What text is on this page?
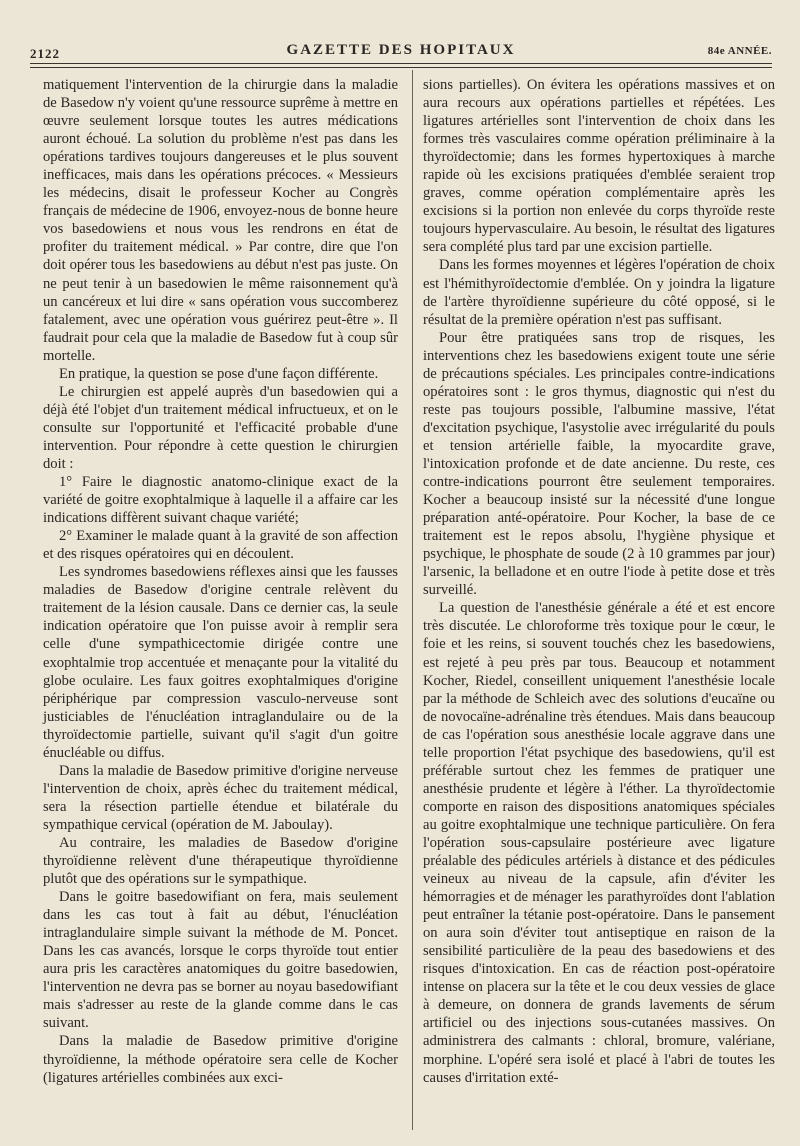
2122	GAZETTE DES HOPITAUX	84e ANNÉE.

matiquement l'intervention de la chirurgie dans la maladie de Basedow n'y voient qu'une ressource suprême à mettre en œuvre seulement lorsque toutes les autres médications auront échoué. La solution du problème n'est pas dans les opérations tardives toujours dangereuses et le plus souvent inefficaces, mais dans les opérations précoces. « Messieurs les médecins, disait le professeur Kocher au Congrès français de médecine de 1906, envoyez-nous de bonne heure vos basedowiens et nous vous les rendrons en état de profiter du traitement médical. » Par contre, dire que l'on doit opérer tous les basedowiens au début n'est pas juste. On ne peut tenir à un basedowien le même raisonnement qu'à un cancéreux et lui dire « sans opération vous succomberez fatalement, avec une opération vous guérirez peut-être ». Il faudrait pour cela que la maladie de Basedow fut à coup sûr mortelle.

En pratique, la question se pose d'une façon différente.

Le chirurgien est appelé auprès d'un basedowien qui a déjà été l'objet d'un traitement médical infructueux, et on le consulte sur l'opportunité et l'efficacité probable d'une intervention. Pour répondre à cette question le chirurgien doit :

1° Faire le diagnostic anatomo-clinique exact de la variété de goitre exophtalmique à laquelle il a affaire car les indications diffèrent suivant chaque variété;

2° Examiner le malade quant à la gravité de son affection et des risques opératoires qui en découlent.

Les syndromes basedowiens réflexes ainsi que les fausses maladies de Basedow d'origine centrale relèvent du traitement de la lésion causale. Dans ce dernier cas, la seule indication opératoire que l'on puisse avoir à remplir sera celle d'une sympathicectomie dirigée contre une exophtalmie trop accentuée et menaçante pour la vitalité du globe oculaire. Les faux goitres exophtalmiques d'origine périphérique par compression vasculo-nerveuse sont justiciables de l'énucléation intraglandulaire ou de la thyroïdectomie partielle, suivant qu'il s'agit d'un goitre énucléable ou diffus.

Dans la maladie de Basedow primitive d'origine nerveuse l'intervention de choix, après échec du traitement médical, sera la résection partielle étendue et bilatérale du sympathique cervical (opération de M. Jaboulay).

Au contraire, les maladies de Basedow d'origine thyroïdienne relèvent d'une thérapeutique thyroïdienne plutôt que des opérations sur le sympathique.

Dans le goitre basedowifiant on fera, mais seulement dans les cas tout à fait au début, l'énucléation intraglandulaire simple suivant la méthode de M. Poncet. Dans les cas avancés, lorsque le corps thyroïde tout entier aura pris les caractères anatomiques du goitre basedowien, l'intervention ne devra pas se borner au noyau basedowifiant mais s'adresser au reste de la glande comme dans le cas suivant.

Dans la maladie de Basedow primitive d'origine thyroïdienne, la méthode opératoire sera celle de Kocher (ligatures artérielles combinées aux exci-

sions partielles). On évitera les opérations massives et on aura recours aux opérations partielles et répétées. Les ligatures artérielles sont l'intervention de choix dans les formes très vasculaires comme opération préliminaire à la thyroïdectomie; dans les formes hypertoxiques à marche rapide où les excisions pratiquées d'emblée seraient trop graves, comme opération complémentaire après les excisions si la portion non enlevée du corps thyroïde reste toujours hypervasculaire. Au besoin, le résultat des ligatures sera complété plus tard par une excision partielle.

Dans les formes moyennes et légères l'opération de choix est l'hémithyroïdectomie d'emblée. On y joindra la ligature de l'artère thyroïdienne supérieure du côté opposé, si le résultat de la première opération n'est pas suffisant.

Pour être pratiquées sans trop de risques, les interventions chez les basedowiens exigent toute une série de précautions spéciales. Les principales contre-indications opératoires sont : le gros thymus, diagnostic qui n'est du reste pas toujours possible, l'albumine massive, l'état d'excitation psychique, l'asystolie avec irrégularité du pouls et tension artérielle faible, la myocardite grave, l'intoxication profonde et de date ancienne. Du reste, ces contre-indications pourront être seulement temporaires. Kocher a beaucoup insisté sur la nécessité d'une longue préparation anté-opératoire. Pour Kocher, la base de ce traitement est le repos absolu, l'hygiène physique et psychique, le phosphate de soude (2 à 10 grammes par jour) l'arsenic, la belladone et en outre l'iode à petite dose et très surveillé.

La question de l'anesthésie générale a été et est encore très discutée. Le chloroforme très toxique pour le cœur, le foie et les reins, si souvent touchés chez les basedowiens, est rejeté à peu près par tous. Beaucoup et notamment Kocher, Riedel, conseillent uniquement l'anesthésie locale par la méthode de Schleich avec des solutions d'eucaïne ou de novocaïne-adrénaline très étendues. Mais dans beaucoup de cas l'opération sous anesthésie locale aggrave dans une telle proportion l'état psychique des basedowiens, qu'il est préférable surtout chez les femmes de pratiquer une anesthésie prudente et légère à l'éther. La thyroïdectomie comporte en raison des dispositions anatomiques spéciales au goitre exophtalmique une technique particulière. On fera l'opération sous-capsulaire postérieure avec ligature préalable des pédicules artériels à distance et des pédicules veineux au niveau de la capsule, afin d'éviter les hémorragies et de ménager les parathyroïdes dont l'ablation peut entraîner la tétanie post-opératoire. Dans le pansement on aura soin d'éviter tout antiseptique en raison de la sensibilité particulière de la peau des basedowiens et des risques d'intoxication. En cas de réaction post-opératoire intense on placera sur la tête et le cou deux vessies de glace à demeure, on donnera de grands lavements de sérum artificiel ou des injections sous-cutanées massives. On administrera des calmants : chloral, bromure, valériane, morphine. L'opéré sera isolé et placé à l'abri de toutes les causes d'irritation exté-
